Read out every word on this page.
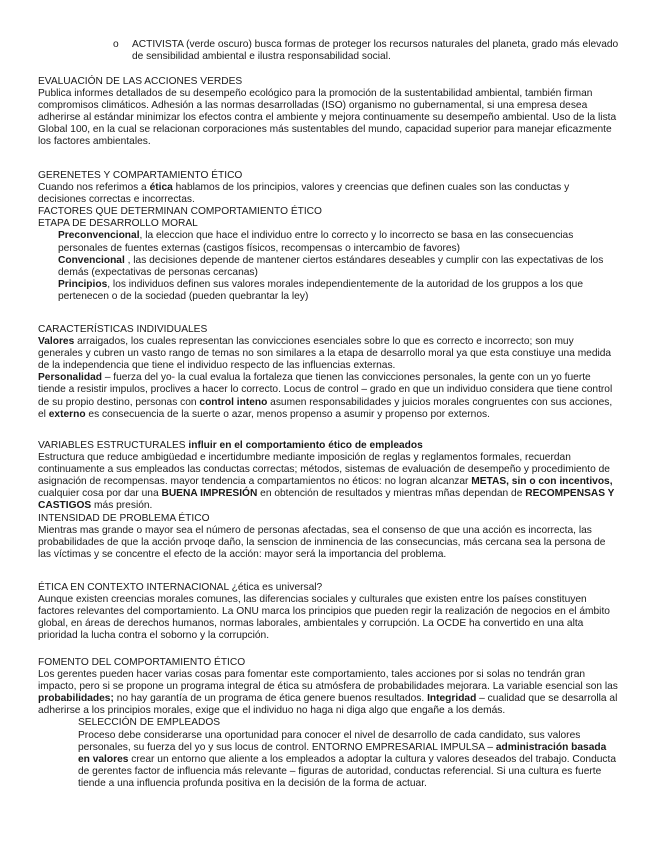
o	ACTIVISTA (verde oscuro) busca formas de proteger los recursos naturales del planeta, grado más elevado de sensibilidad ambiental e ilustra responsabilidad social.

EVALUACIÓN DE LAS ACCIONES VERDES

Publica informes detallados de su desempeño ecológico para la promoción de la sustentabilidad ambiental, también firman compromisos climáticos. Adhesión a las normas desarrolladas (ISO) organismo no gubernamental, si una empresa desea adherirse al estándar minimizar los efectos contra el ambiente y mejora continuamente su desempeño ambiental. Uso de la lista Global 100, en la cual se relacionan corporaciones más sustentables del mundo, capacidad superior para manejar eficazmente los factores ambientales.

GERENETES Y COMPARTAMIENTO ÉTICO

Cuando nos referimos a ética hablamos de los principios, valores y creencias que definen cuales son las conductas y decisiones correctas e incorrectas.

FACTORES QUE DETERMINAN COMPORTAMIENTO ÉTICO

ETAPA DE DESARROLLO MORAL

Preconvencional, la eleccion que hace el individuo entre lo correcto y lo incorrecto se basa en las consecuencias personales de fuentes externas (castigos físicos, recompensas o intercambio de favores)

Convencional , las decisiones depende de mantener ciertos estándares deseables y cumplir con las expectativas de los demás (expectativas de personas cercanas)

Principios, los individuos definen sus valores morales independientemente de la autoridad de los gruppos a los que pertenecen o de la sociedad (pueden quebrantar la ley)

CARACTERÍSTICAS INDIVIDUALES

Valores arraigados, los cuales representan las convicciones esenciales sobre lo que es correcto e incorrecto; son muy generales y cubren un vasto rango de temas no son similares a la etapa de desarrollo moral ya que esta constiuye una medida de la independencia que tiene el individuo respecto de las influencias externas.

Personalidad – fuerza del yo- la cual evalua la fortaleza que tienen las convicciones personales, la gente con un yo fuerte tiende a resistir impulos, proclives a hacer lo correcto. Locus de control – grado en que un individuo considera que tiene control de su propio destino, personas con control inteno asumen responsabilidades y juicios morales congruentes con sus acciones, el externo es consecuencia de la suerte o azar, menos propenso a asumir y propenso por externos.

VARIABLES ESTRUCTURALES influir en el comportamiento ético de empleados

Estructura que reduce ambigüedad e incertidumbre mediante imposición de reglas y reglamentos formales, recuerdan continuamente a sus empleados las conductas correctas; métodos, sistemas de evaluación de desempeño y procedimiento de asignación de recompensas. mayor tendencia a compartamientos no éticos: no logran alcanzar METAS, sin o con incentivos, cualquier cosa por dar una BUENA IMPRESIÓN en obtención de resultados y mientras mñas dependan de RECOMPENSAS Y CASTIGOS más presión.

INTENSIDAD DE PROBLEMA ÉTICO

Mientras mas grande o mayor sea el número de personas afectadas, sea el consenso de que una acción es incorrecta, las probabilidades de que la acción prvoqe daño, la senscion de inminencia de las consecuncias, más cercana sea la persona de las víctimas y se concentre el efecto de la acción: mayor será la importancia del problema.

ÉTICA EN CONTEXTO INTERNACIONAL ¿ética es universal?

Aunque existen creencias morales comunes, las diferencias sociales y culturales que existen entre los países constituyen factores relevantes del comportamiento. La ONU marca los principios que pueden regir la realización de negocios en el ámbito global, en áreas de derechos humanos, normas laborales, ambientales y corrupción. La OCDE ha convertido en una alta prioridad la lucha contra el soborno y la corrupción.

FOMENTO DEL COMPORTAMIENTO ÉTICO

Los gerentes pueden hacer varias cosas para fomentar este comportamiento, tales acciones por si solas no tendrán gran impacto, pero si se propone un programa integral de ética su atmósfera de probabilidades mejorara. La variable esencial son las probabilidades; no hay garantía de un programa de ética genere buenos resultados. Integridad – cualidad que se desarrolla al adherirse a los principios morales, exige que el individuo no haga ni diga algo que engañe a los demás.

SELECCIÓN DE EMPLEADOS

Proceso debe considerarse una oportunidad para conocer el nivel de desarrollo de cada candidato, sus valores personales, su fuerza del yo y sus locus de control. ENTORNO EMPRESARIAL IMPULSA – administración basada en valores crear un entorno que aliente a los empleados a adoptar la cultura y valores deseados del trabajo. Conducta de gerentes factor de influencia más relevante – figuras de autoridad, conductas referencial. Si una cultura es fuerte tiende a una influencia profunda positiva en la decisión de la forma de actuar.
